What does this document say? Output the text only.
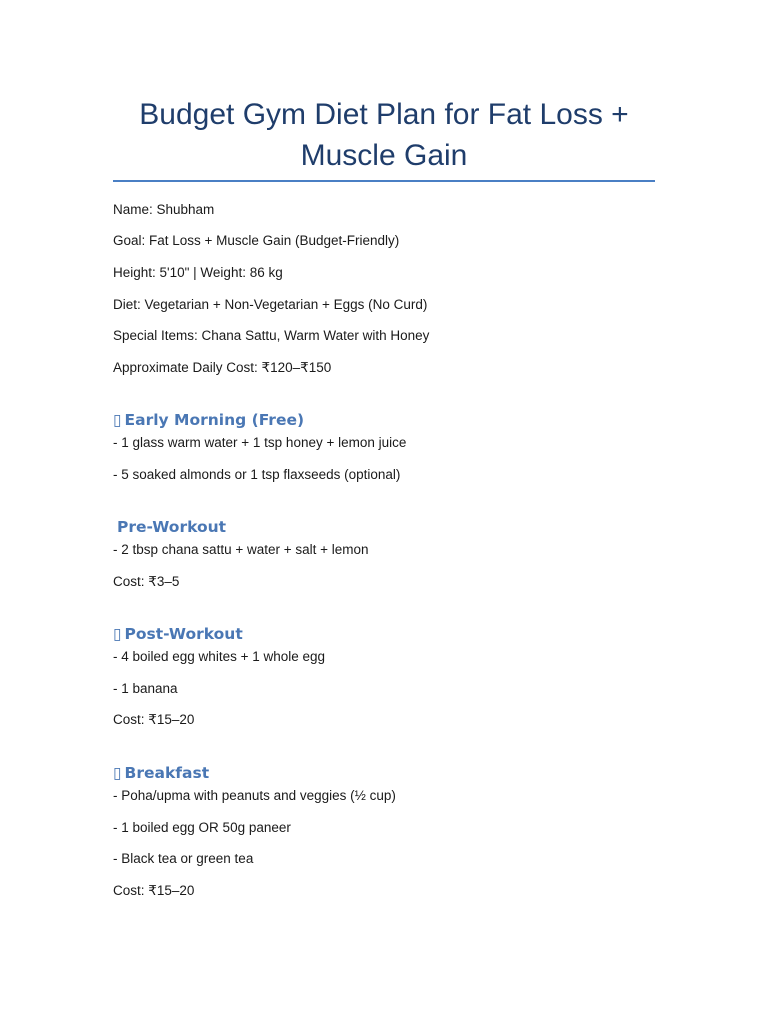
Budget Gym Diet Plan for Fat Loss + Muscle Gain

Name: Shubham

Goal: Fat Loss + Muscle Gain (Budget-Friendly)

Height: 5'10" | Weight: 86 kg

Diet: Vegetarian + Non-Vegetarian + Eggs (No Curd)

Special Items: Chana Sattu, Warm Water with Honey

Approximate Daily Cost: ₹120–₹150

▯ Early Morning (Free)

- 1 glass warm water + 1 tsp honey + lemon juice

- 5 soaked almonds or 1 tsp flaxseeds (optional)

Pre-Workout

- 2 tbsp chana sattu + water + salt + lemon

Cost: ₹3–5

▯ Post-Workout

- 4 boiled egg whites + 1 whole egg

- 1 banana

Cost: ₹15–20

▯ Breakfast

- Poha/upma with peanuts and veggies (½ cup)

- 1 boiled egg OR 50g paneer

- Black tea or green tea

Cost: ₹15–20
